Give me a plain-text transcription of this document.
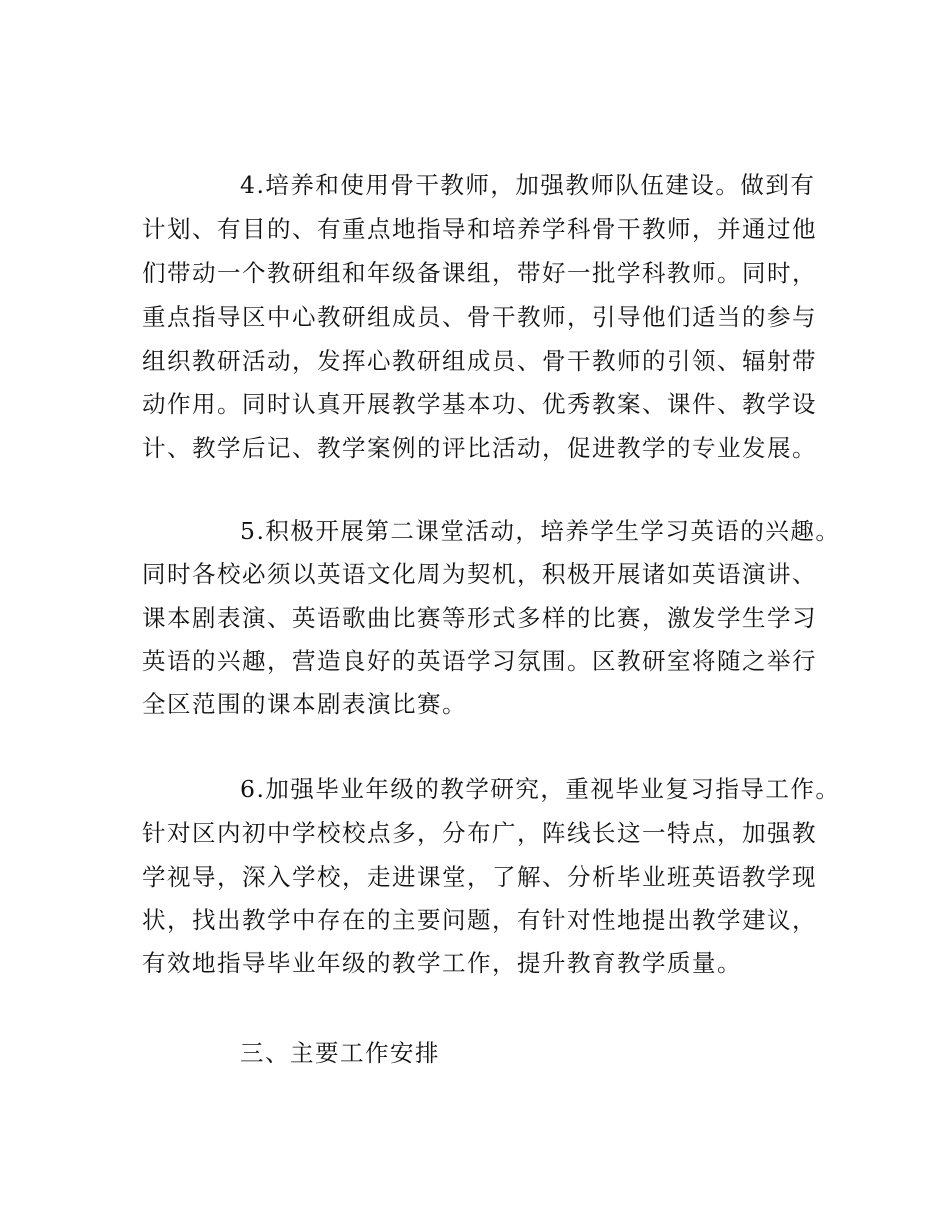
4.培养和使用骨干教师，加强教师队伍建设。做到有

计划、有目的、有重点地指导和培养学科骨干教师，并通过他

们带动一个教研组和年级备课组，带好一批学科教师。同时，

重点指导区中心教研组成员、骨干教师，引导他们适当的参与

组织教研活动，发挥心教研组成员、骨干教师的引领、辐射带

动作用。同时认真开展教学基本功、优秀教案、课件、教学设

计、教学后记、教学案例的评比活动，促进教学的专业发展。

5.积极开展第二课堂活动，培养学生学习英语的兴趣。

同时各校必须以英语文化周为契机，积极开展诸如英语演讲、

课本剧表演、英语歌曲比赛等形式多样的比赛，激发学生学习

英语的兴趣，营造良好的英语学习氛围。区教研室将随之举行

全区范围的课本剧表演比赛。

6.加强毕业年级的教学研究，重视毕业复习指导工作。

针对区内初中学校校点多，分布广，阵线长这一特点，加强教

学视导，深入学校，走进课堂，了解、分析毕业班英语教学现

状，找出教学中存在的主要问题，有针对性地提出教学建议，

有效地指导毕业年级的教学工作，提升教育教学质量。

三、主要工作安排
